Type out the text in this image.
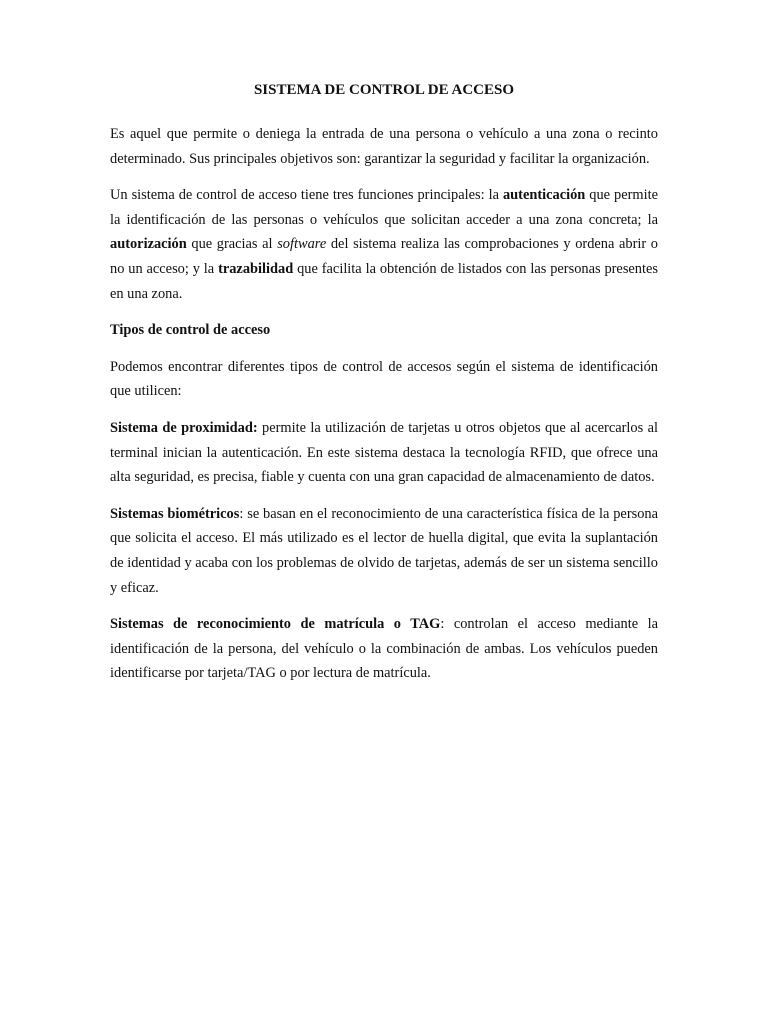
SISTEMA DE CONTROL DE ACCESO

Es aquel que permite o deniega la entrada de una persona o vehículo a una zona o recinto determinado. Sus principales objetivos son: garantizar la seguridad y facilitar la organización.

Un sistema de control de acceso tiene tres funciones principales: la autenticación que permite la identificación de las personas o vehículos que solicitan acceder a una zona concreta; la autorización que gracias al software del sistema realiza las comprobaciones y ordena abrir o no un acceso; y la trazabilidad que facilita la obtención de listados con las personas presentes en una zona.

Tipos de control de acceso

Podemos encontrar diferentes tipos de control de accesos según el sistema de identificación que utilicen:

Sistema de proximidad: permite la utilización de tarjetas u otros objetos que al acercarlos al terminal inician la autenticación. En este sistema destaca la tecnología RFID, que ofrece una alta seguridad, es precisa, fiable y cuenta con una gran capacidad de almacenamiento de datos.

Sistemas biométricos: se basan en el reconocimiento de una característica física de la persona que solicita el acceso. El más utilizado es el lector de huella digital, que evita la suplantación de identidad y acaba con los problemas de olvido de tarjetas, además de ser un sistema sencillo y eficaz.

Sistemas de reconocimiento de matrícula o TAG: controlan el acceso mediante la identificación de la persona, del vehículo o la combinación de ambas. Los vehículos pueden identificarse por tarjeta/TAG o por lectura de matrícula.
